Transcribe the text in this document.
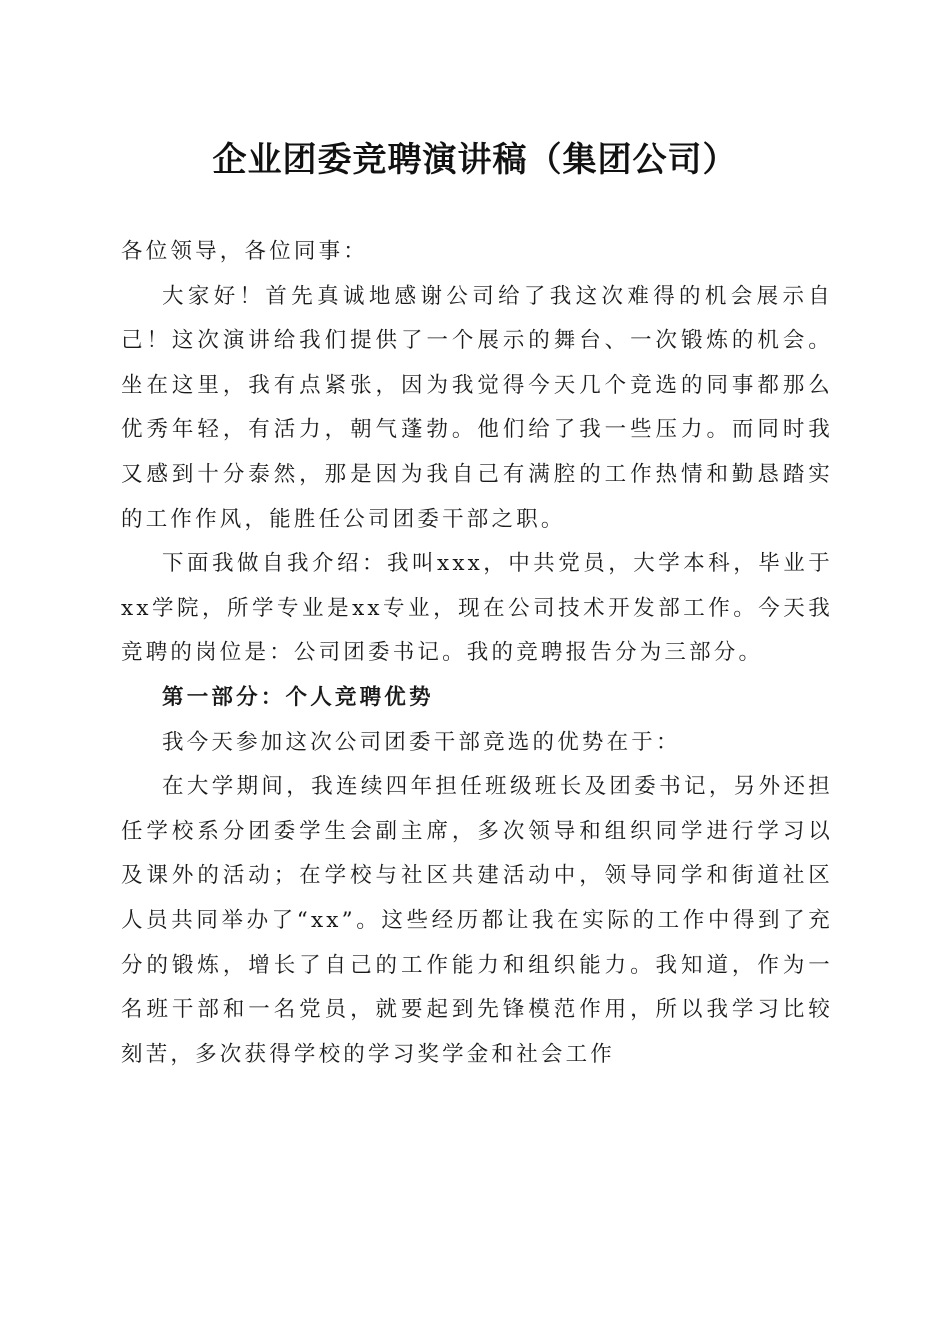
企业团委竞聘演讲稿（集团公司）

各位领导，各位同事：

大家好！首先真诚地感谢公司给了我这次难得的机会展示自己！这次演讲给我们提供了一个展示的舞台、一次锻炼的机会。坐在这里，我有点紧张，因为我觉得今天几个竞选的同事都那么优秀年轻，有活力，朝气蓬勃。他们给了我一些压力。而同时我又感到十分泰然，那是因为我自己有满腔的工作热情和勤恳踏实的工作作风，能胜任公司团委干部之职。

下面我做自我介绍：我叫xxx，中共党员，大学本科，毕业于xx学院，所学专业是xx专业，现在公司技术开发部工作。今天我竞聘的岗位是：公司团委书记。我的竞聘报告分为三部分。

第一部分：个人竞聘优势

我今天参加这次公司团委干部竞选的优势在于：

在大学期间，我连续四年担任班级班长及团委书记，另外还担任学校系分团委学生会副主席，多次领导和组织同学进行学习以及课外的活动；在学校与社区共建活动中，领导同学和街道社区人员共同举办了“xx”。这些经历都让我在实际的工作中得到了充分的锻炼，增长了自己的工作能力和组织能力。我知道，作为一名班干部和一名党员，就要起到先锋模范作用，所以我学习比较刻苦，多次获得学校的学习奖学金和社会工作
